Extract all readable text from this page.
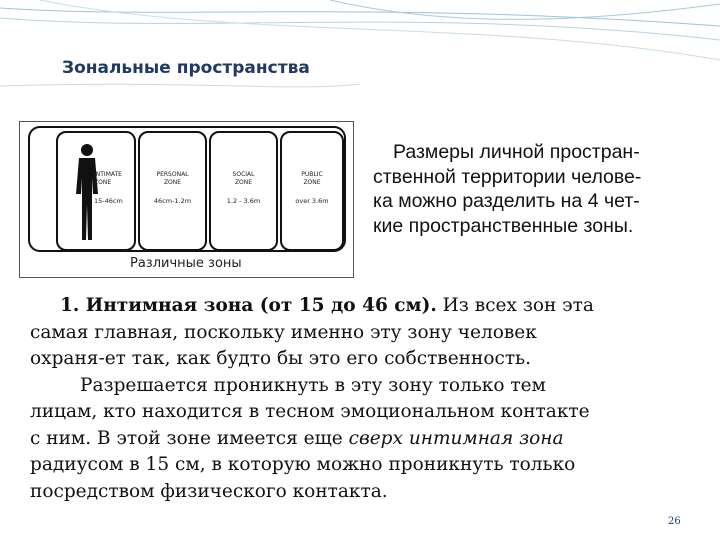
Зональные пространства
INTIMATE
ZONE
15-46cm
PERSONAL
ZONE
46cm-1.2m
SOCIAL
ZONE
1.2 - 3.6m
PUBLIC
ZONE
over 3.6m
Различные зоны
Размеры личной простран-
ственной территории челове-
ка можно разделить на 4 чет-
кие пространственные зоны.
1. Интимная зона (от 15 до 46 см). Из всех зон эта
самая главная, поскольку именно эту зону человек
охраня-ет так, как будто бы это его собственность.
Разрешается проникнуть в эту зону только тем
лицам, кто находится в тесном эмоциональном контакте
с ним. В этой зоне имеется еще сверх интимная зона
радиусом в 15 см, в которую можно проникнуть только
посредством физического контакта.
26
